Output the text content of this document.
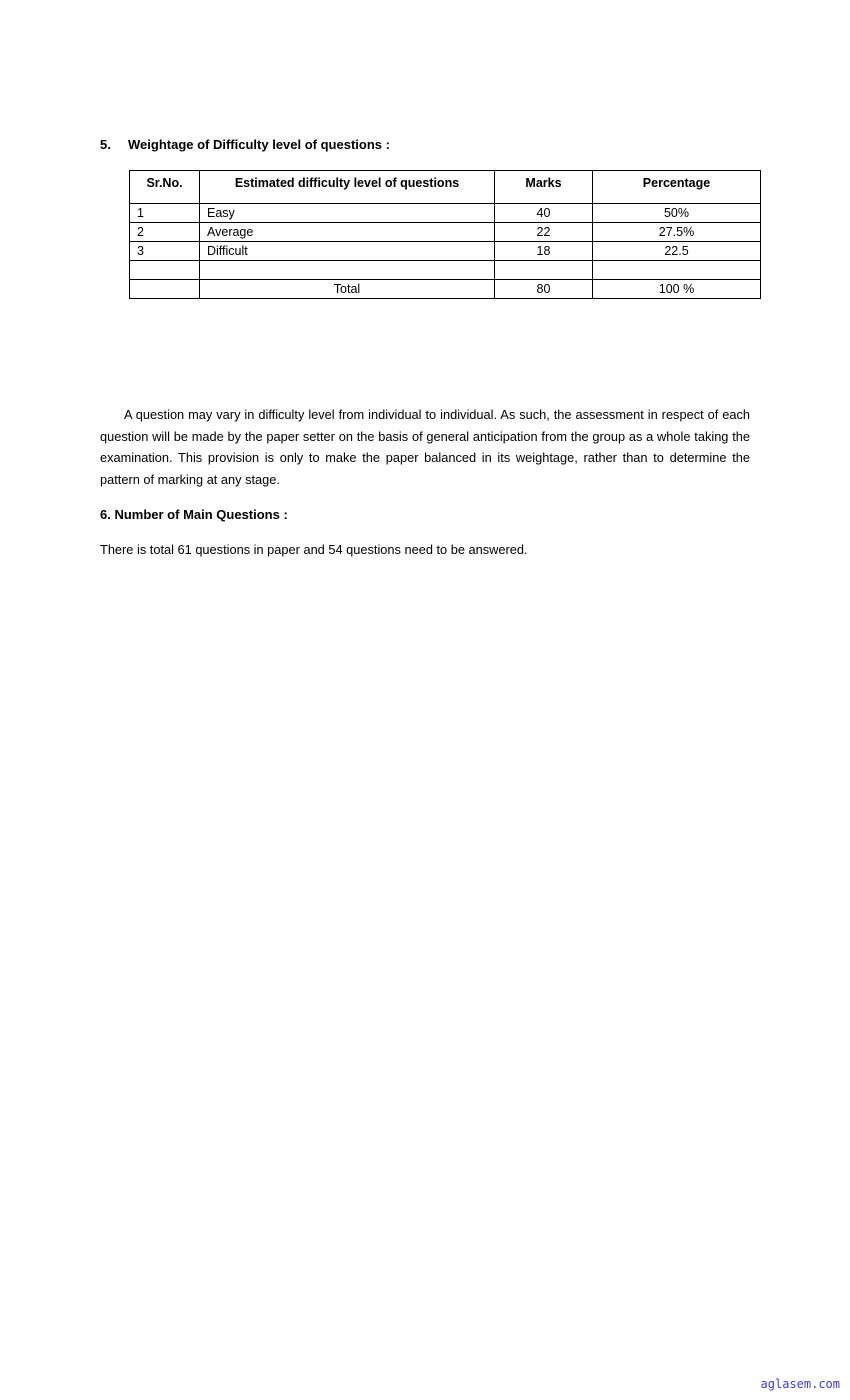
5. Weightage of Difficulty level of questions :
Sr.No.	Estimated difficulty level of questions	Marks	Percentage
1	Easy	40	50%
2	Average	22	27.5%
3	Difficult	18	22.5

	Total	80	100 %

A question may vary in difficulty level from individual to individual. As such, the assessment in respect of each question will be made by the paper setter on the basis of general anticipation from the group as a whole taking the examination. This provision is only to make the paper balanced in its weightage, rather than to determine the pattern of marking at any stage.

6. Number of Main Questions :
There is total 61 questions in paper and 54 questions need to be answered.
aglasem.com
